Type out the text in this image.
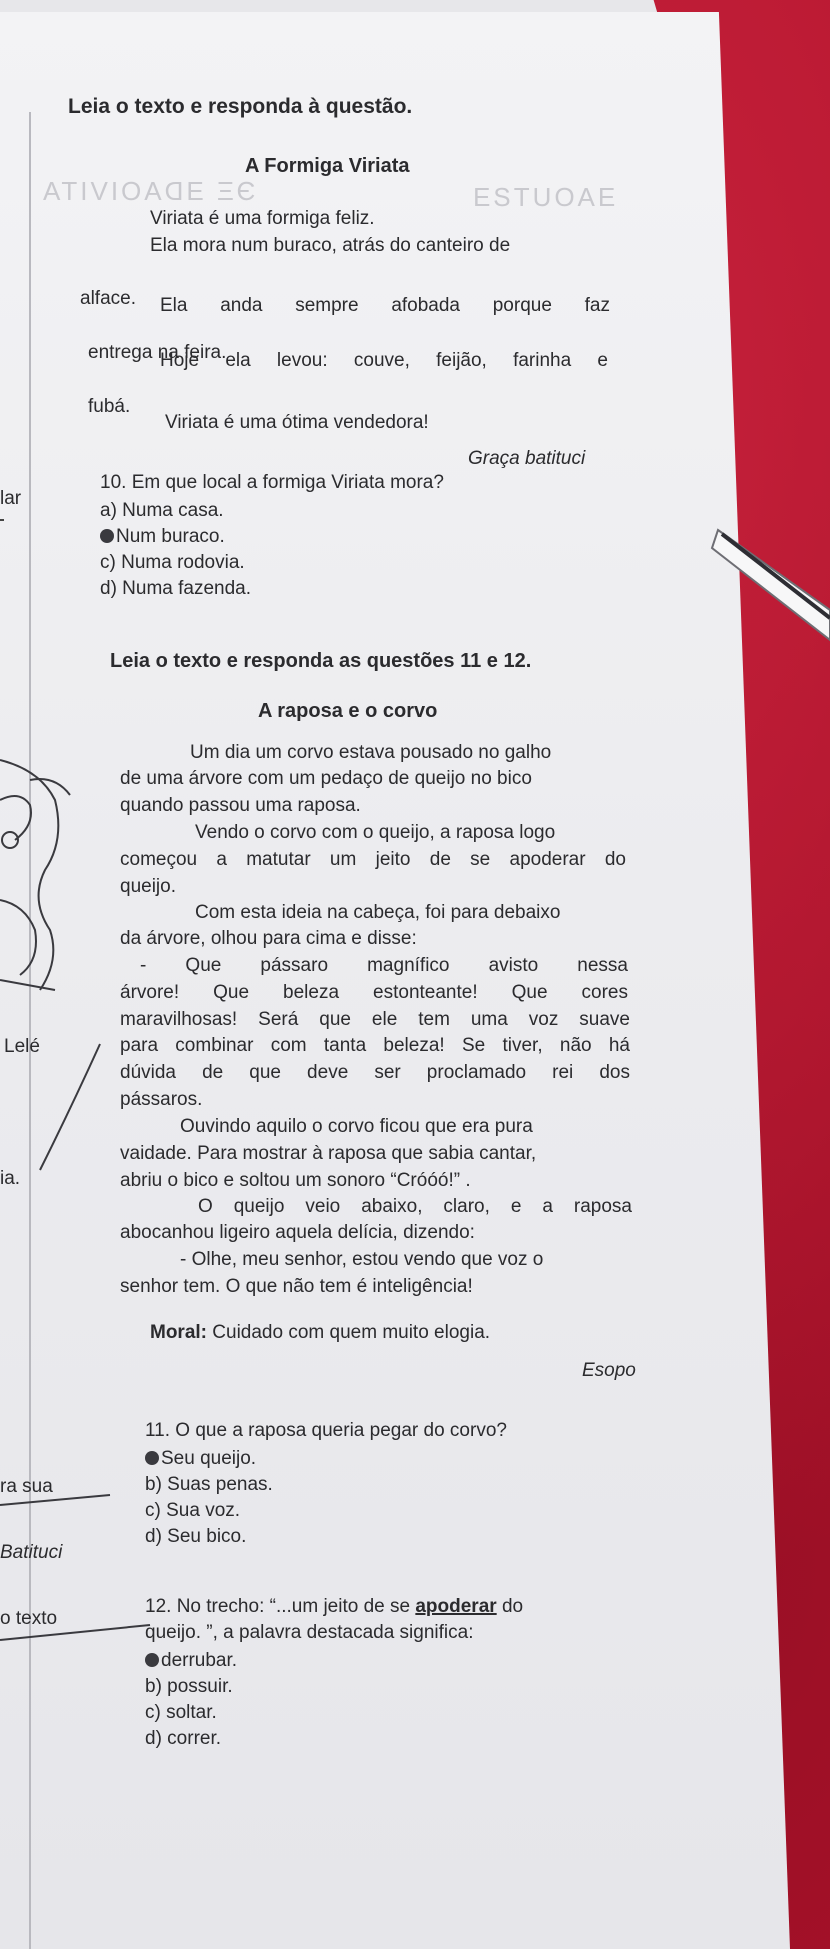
ЭΞ ƎDAOIVITA	ƎAOUTƧƎ
lar
Lelé
ia.
ra sua
Batituci
o texto
Leia o texto e responda à questão.
A Formiga Viriata
Viriata é uma formiga feliz.
Ela mora num buraco, atrás do canteiro de
alface. Ela anda sempre afobada porque faz
entrega na feira.
Hoje ela levou: couve, feijão, farinha e
fubá.
Viriata é uma ótima vendedora!
Graça batituci
10. Em que local a formiga Viriata mora?
a) Numa casa.
Num buraco.
c) Numa rodovia.
d) Numa fazenda.
Leia o texto e responda as questões 11 e 12.
A raposa e o corvo
Um dia um corvo estava pousado no galho
de uma árvore com um pedaço de queijo no bico
quando passou uma raposa.
Vendo o corvo com o queijo, a raposa logo
começou a matutar um jeito de se apoderar do
queijo.
Com esta ideia na cabeça, foi para debaixo
da árvore, olhou para cima e disse:
- Que pássaro magnífico avisto nessa
árvore! Que beleza estonteante! Que cores
maravilhosas! Será que ele tem uma voz suave
para combinar com tanta beleza! Se tiver, não há
dúvida de que deve ser proclamado rei dos
pássaros.
Ouvindo aquilo o corvo ficou que era pura
vaidade. Para mostrar à raposa que sabia cantar,
abriu o bico e soltou um sonoro “Cróóó!” .
O queijo veio abaixo, claro, e a raposa
abocanhou ligeiro aquela delícia, dizendo:
- Olhe, meu senhor, estou vendo que voz o
senhor tem. O que não tem é inteligência!
Moral: Cuidado com quem muito elogia.
Esopo
11. O que a raposa queria pegar do corvo?
Seu queijo.
b) Suas penas.
c) Sua voz.
d) Seu bico.
12. No trecho: “...um jeito de se apoderar do
queijo. ”, a palavra destacada significa:
derrubar.
b) possuir.
c) soltar.
d) correr.
